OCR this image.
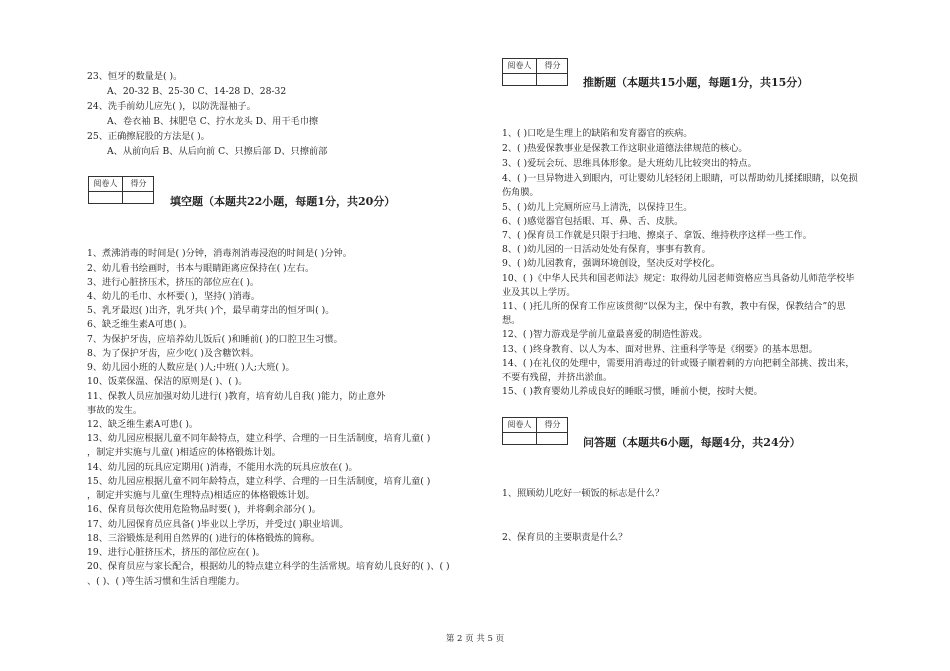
23、恒牙的数量是( )。
A、20-32 B、25-30 C、14-28 D、28-32
24、洗手前幼儿应先( )，以防洗湿袖子。
A、卷衣袖 B、抹肥皂 C、拧水龙头 D、用干毛巾擦
25、正确擦屁股的方法是( )。
A、从前向后 B、从后向前 C、只擦后部 D、只擦前部
阅卷人	得分
填空题（本题共22小题，每题1分，共20分）
1、煮沸消毒的时间是( )分钟，消毒剂消毒浸泡的时间是( )分钟。
2、幼儿看书绘画时，书本与眼睛距离应保持在( )左右。
3、进行心脏挤压术，挤压的部位应在( )。
4、幼儿的毛巾、水杯要( )，坚持( )消毒。
5、乳牙最迟( )出齐，乳牙共( )个，最早萌芽出的恒牙叫( )。
6、缺乏维生素A可患( )。
7、为保护牙齿，应培养幼儿饭后( )和睡前( )的口腔卫生习惯。
8、为了保护牙齿，应少吃( )及含糖饮料。
9、幼儿园小班的人数应是( )人;中班( )人;大班( )。
10、饭菜保温、保洁的原则是( )、( )。
11、保教人员应加强对幼儿进行( )教育，培育幼儿自我( )能力，防止意外
事故的发生。
12、缺乏维生素A可患( )。
13、幼儿园应根据儿童不同年龄特点，建立科学、合理的一日生活制度，培育儿童( )
，制定并实施与儿童( )相适应的体格锻炼计划。
14、幼儿园的玩具应定期用( )消毒，不能用水洗的玩具应放在( )。
15、幼儿园应根据儿童不同年龄特点，建立科学、合理的一日生活制度，培育儿童( )
，制定并实施与儿童(生理特点)相适应的体格锻炼计划。
16、保育员每次使用危险物品时要( )，并将剩余部分( )。
17、幼儿园保育员应具备( )毕业以上学历，并受过( )职业培训。
18、三浴锻炼是利用自然界的( )进行的体格锻炼的简称。
19、进行心脏挤压术，挤压的部位应在( )。
20、保育员应与家长配合，根据幼儿的特点建立科学的生活常规。培育幼儿良好的( )、( )
、( )、( )等生活习惯和生活自理能力。
阅卷人	得分
推断题（本题共15小题，每题1分，共15分）
1、( )口吃是生理上的缺陷和发育器官的疾病。
2、( )热爱保教事业是保教工作这职业道德法律规范的核心。
3、( )爱玩会玩、思维具体形象。是大班幼儿比较突出的特点。
4、( )一旦异物进入到眼内，可让婴幼儿轻轻闭上眼睛，可以帮助幼儿揉揉眼睛，以免损
伤角膜。
5、( )幼儿上完厕所应马上清洗，以保持卫生。
6、( )感觉器官包括眼、耳、鼻、舌、皮肤。
7、( )保育员工作就是只限于扫地、擦桌子、拿饭、维持秩序这样一些工作。
8、( )幼儿园的一日活动处处有保育，事事有教育。
9、( )幼儿园教育，强调环境创设，坚决反对学校化。
10、( )《中华人民共和国老师法》规定：取得幼儿园老师资格应当具备幼儿师范学校毕
业及其以上学历。
11、( )托儿所的保育工作应该贯彻“以保为主，保中有教，教中有保，保教结合”的思
想。
12、( )智力游戏是学前儿童最喜爱的制造性游戏。
13、( )终身教育、以人为本、面对世界、注重科学等是《纲要》的基本思想。
14、( )在礼仪的处理中，需要用消毒过的针或镊子顺着刺的方向把刺全部挑、拨出来，
不要有残留，并挤出淤血。
15、( )教育婴幼儿养成良好的睡眠习惯，睡前小便，按时大便。
阅卷人	得分
问答题（本题共6小题，每题4分，共24分）
1、照顾幼儿吃好一顿饭的标志是什么？
2、保育员的主要职责是什么？
第 2 页 共 5 页
